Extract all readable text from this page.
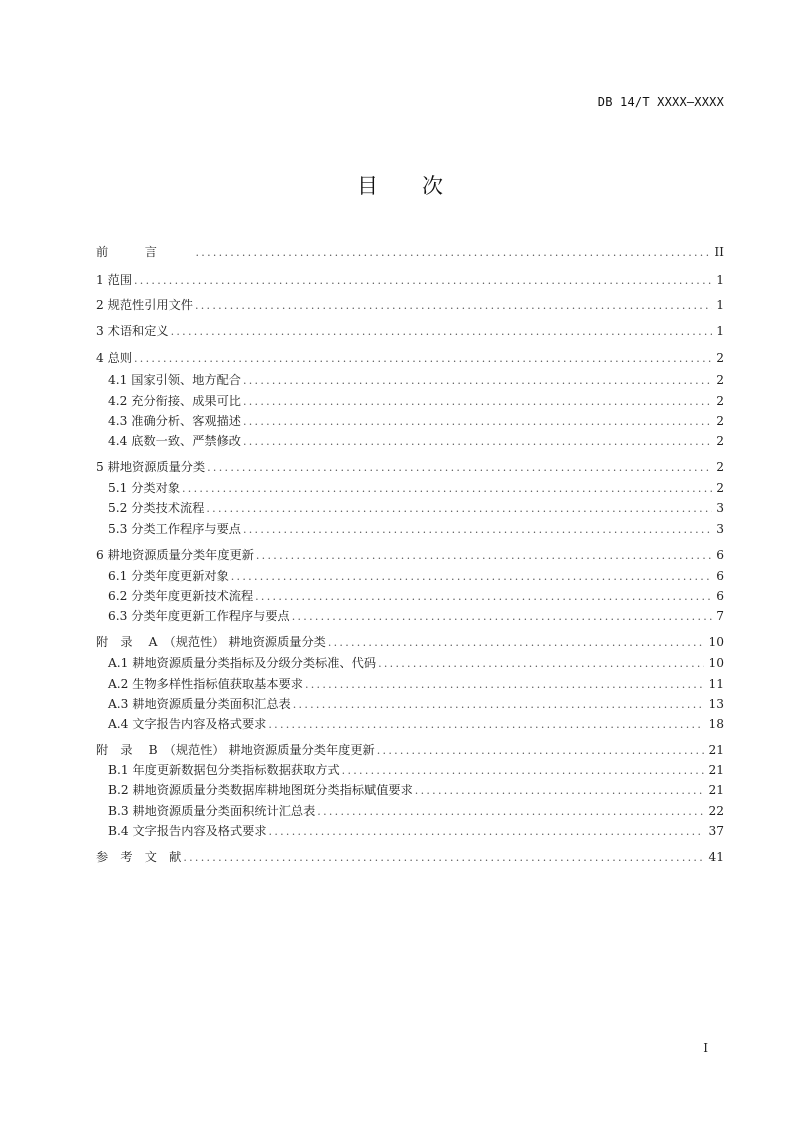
DB 14/T XXXX—XXXX
目 次
前　　　言　　　 .....	II
1 范围 .....	1
2 规范性引用文件 .....	1
3 术语和定义 .....	1
4 总则 .....	2
4.1 国家引领、地方配合 .....	2
4.2 充分衔接、成果可比 .....	2
4.3 准确分析、客观描述 .....	2
4.4 底数一致、严禁修改 .....	2
5 耕地资源质量分类 .....	2
5.1 分类对象 .....	2
5.2 分类技术流程 .....	3
5.3 分类工作程序与要点 .....	3
6 耕地资源质量分类年度更新 .....	6
6.1 分类年度更新对象 .....	6
6.2 分类年度更新技术流程 .....	6
6.3 分类年度更新工作程序与要点 .....	7
附　录　 A　（规范性） 耕地资源质量分类 .....	10
A.1 耕地资源质量分类指标及分级分类标准、代码 .....	10
A.2 生物多样性指标值获取基本要求 .....	11
A.3 耕地资源质量分类面积汇总表 .....	13
A.4 文字报告内容及格式要求 .....	18
附　录　 B　（规范性） 耕地资源质量分类年度更新 .....	21
B.1 年度更新数据包分类指标数据获取方式 .....	21
B.2 耕地资源质量分类数据库耕地图斑分类指标赋值要求 .....	21
B.3 耕地资源质量分类面积统计汇总表 .....	22
B.4 文字报告内容及格式要求 .....	37
参　考　文　献 .....	41
I
